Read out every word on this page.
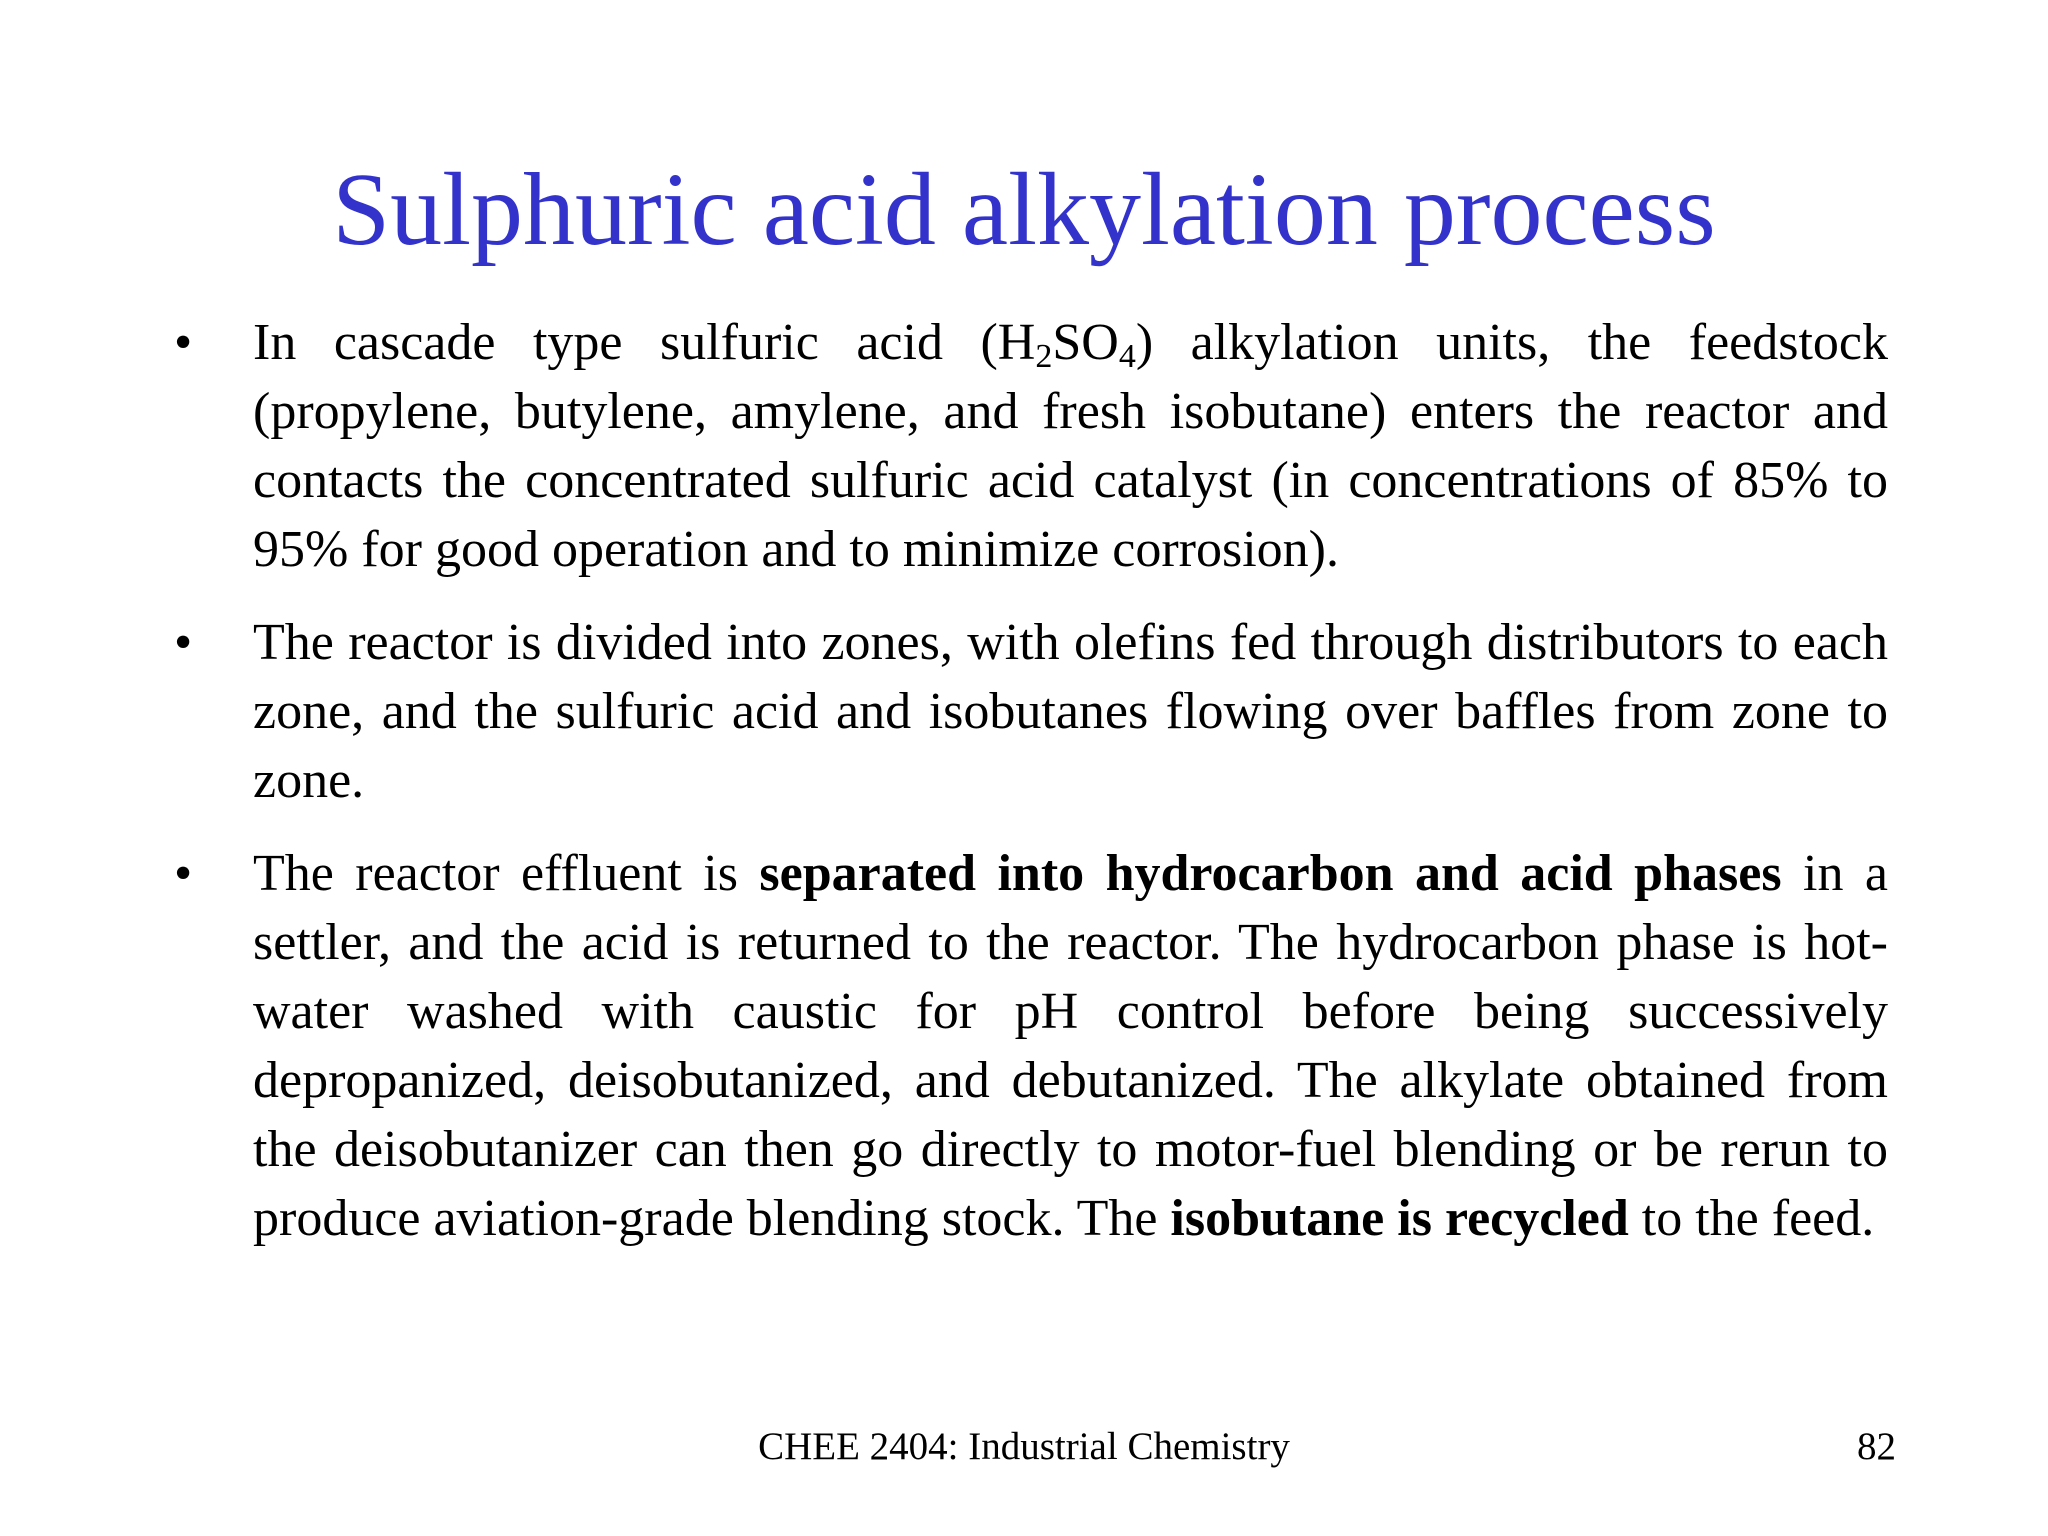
Sulphuric acid alkylation process
• In cascade type sulfuric acid $(H_2SO_4)$ alkylation units, the feedstock (propylene, butylene, amylene, and fresh isobutane) enters the reactor and contacts the concentrated sulfuric acid catalyst (in concentrations of 85% to 95% for good operation and to minimize corrosion).
• The reactor is divided into zones, with olefins fed through distributors to each zone, and the sulfuric acid and isobutanes flowing over baffles from zone to zone.
• The reactor effluent is separated into hydrocarbon and acid phases in a settler, and the acid is returned to the reactor. The hydrocarbon phase is hot-water washed with caustic for pH control before being successively depropanized, deisobutanized, and debutanized. The alkylate obtained from the deisobutanizer can then go directly to motor-fuel blending or be rerun to produce aviation-grade blending stock. The isobutane is recycled to the feed.
CHEE 2404: Industrial Chemistry	82
